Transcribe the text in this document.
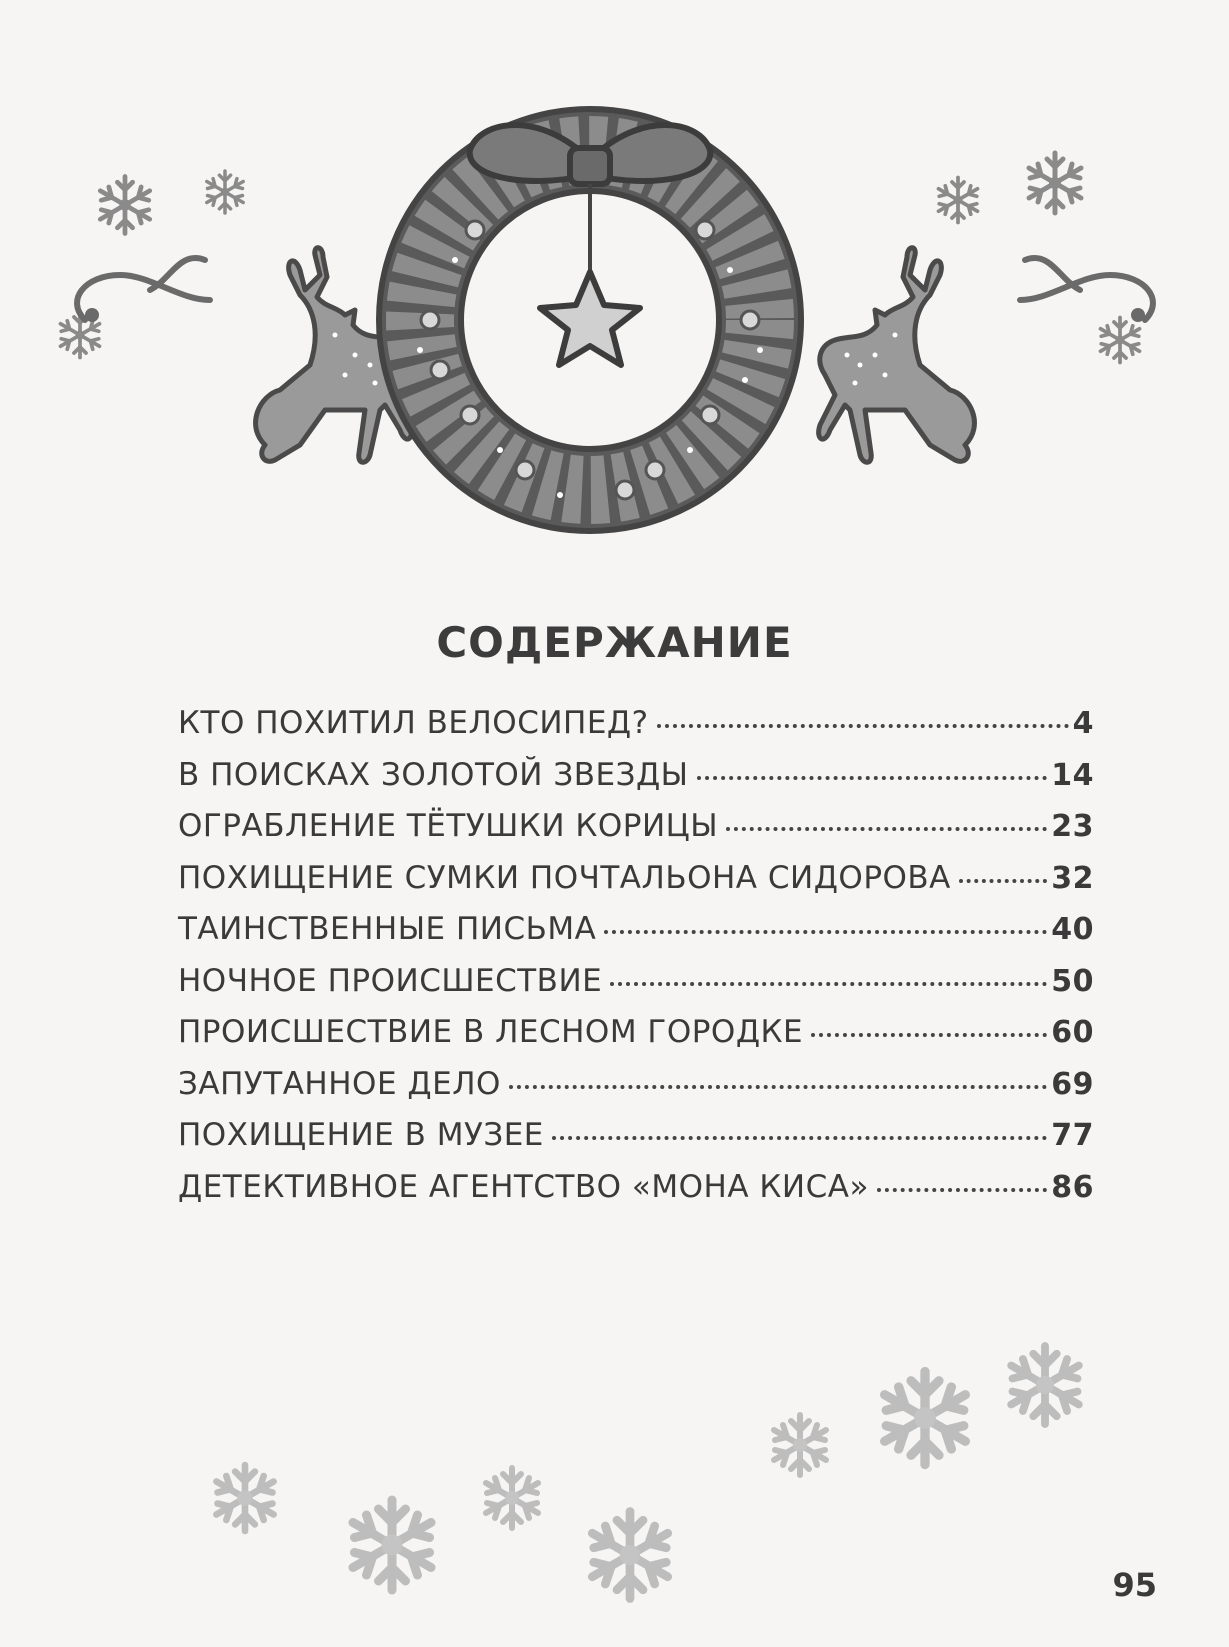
СОДЕРЖАНИЕ
КТО ПОХИТИЛ ВЕЛОСИПЕД?	4
В ПОИСКАХ ЗОЛОТОЙ ЗВЕЗДЫ	14
ОГРАБЛЕНИЕ ТЁТУШКИ КОРИЦЫ	23
ПОХИЩЕНИЕ СУМКИ ПОЧТАЛЬОНА СИДОРОВА	32
ТАИНСТВЕННЫЕ ПИСЬМА	40
НОЧНОЕ ПРОИСШЕСТВИЕ	50
ПРОИСШЕСТВИЕ В ЛЕСНОМ ГОРОДКЕ	60
ЗАПУТАННОЕ ДЕЛО	69
ПОХИЩЕНИЕ В МУЗЕЕ	77
ДЕТЕКТИВНОЕ АГЕНТСТВО «МОНА КИСА»	86
95
